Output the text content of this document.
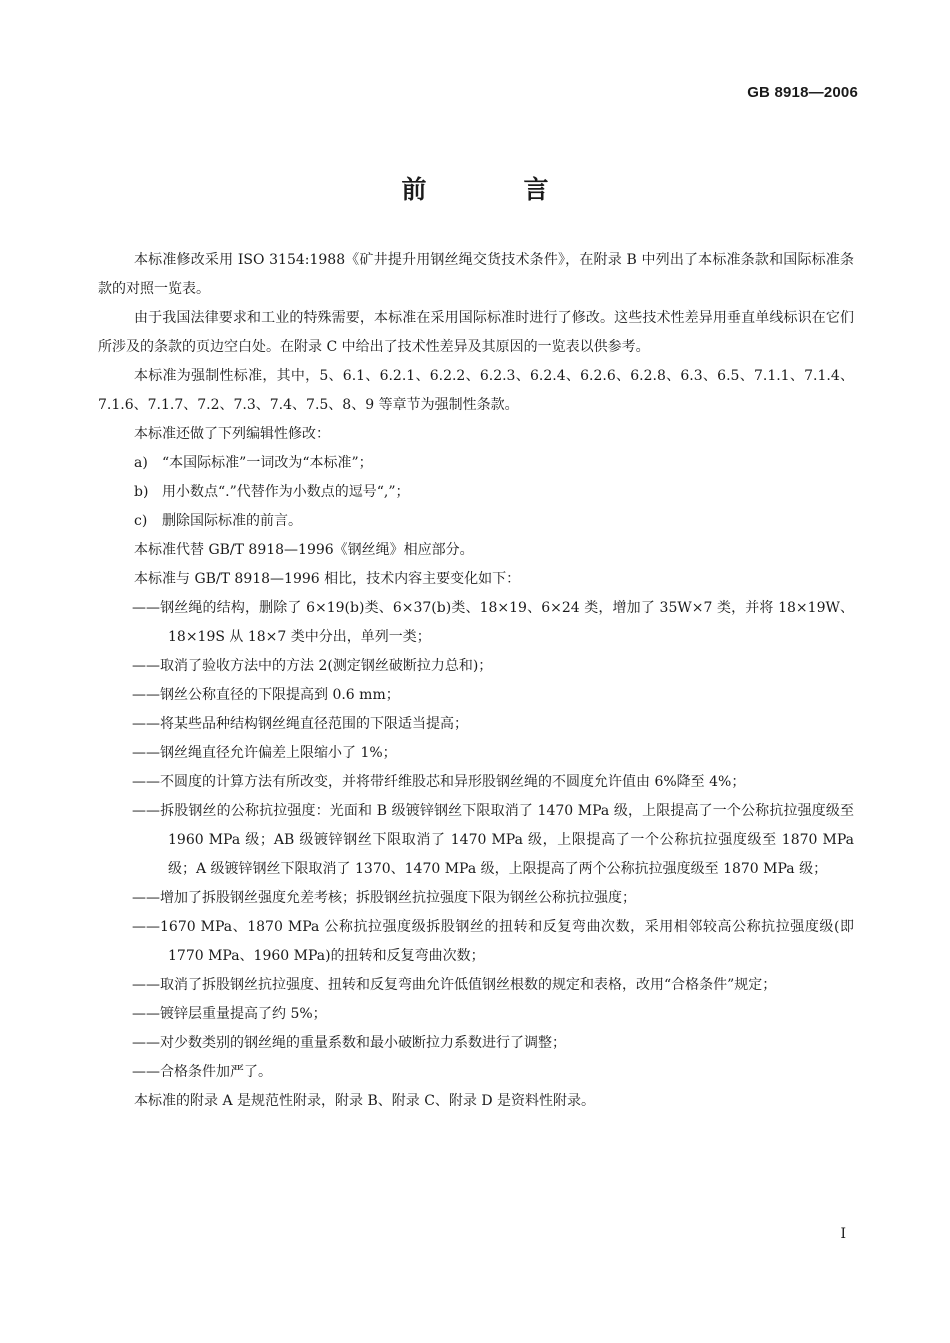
GB 8918—2006
前　言

本标准修改采用 ISO 3154:1988《矿井提升用钢丝绳交货技术条件》，在附录 B 中列出了本标准条款和国际标准条款的对照一览表。

由于我国法律要求和工业的特殊需要，本标准在采用国际标准时进行了修改。这些技术性差异用垂直单线标识在它们所涉及的条款的页边空白处。在附录 C 中给出了技术性差异及其原因的一览表以供参考。

本标准为强制性标准，其中，5、6.1、6.2.1、6.2.2、6.2.3、6.2.4、6.2.6、6.2.8、6.3、6.5、7.1.1、7.1.4、7.1.6、7.1.7、7.2、7.3、7.4、7.5、8、9 等章节为强制性条款。

本标准还做了下列编辑性修改：

a) “本国际标准”一词改为“本标准”；

b) 用小数点“.”代替作为小数点的逗号“,”；

c) 删除国际标准的前言。

本标准代替 GB/T 8918—1996《钢丝绳》相应部分。

本标准与 GB/T 8918—1996 相比，技术内容主要变化如下：

——钢丝绳的结构，删除了 6×19(b)类、6×37(b)类、18×19、6×24 类，增加了 35W×7 类，并将 18×19W、18×19S 从 18×7 类中分出，单列一类；

——取消了验收方法中的方法 2(测定钢丝破断拉力总和)；

——钢丝公称直径的下限提高到 0.6 mm；

——将某些品种结构钢丝绳直径范围的下限适当提高；

——钢丝绳直径允许偏差上限缩小了 1%；

——不圆度的计算方法有所改变，并将带纤维股芯和异形股钢丝绳的不圆度允许值由 6%降至 4%；

——拆股钢丝的公称抗拉强度：光面和 B 级镀锌钢丝下限取消了 1470 MPa 级，上限提高了一个公称抗拉强度级至 1960 MPa 级；AB 级镀锌钢丝下限取消了 1470 MPa 级，上限提高了一个公称抗拉强度级至 1870 MPa 级；A 级镀锌钢丝下限取消了 1370、1470 MPa 级，上限提高了两个公称抗拉强度级至 1870 MPa 级；

——增加了拆股钢丝强度允差考核；拆股钢丝抗拉强度下限为钢丝公称抗拉强度；

——1670 MPa、1870 MPa 公称抗拉强度级拆股钢丝的扭转和反复弯曲次数，采用相邻较高公称抗拉强度级(即 1770 MPa、1960 MPa)的扭转和反复弯曲次数；

——取消了拆股钢丝抗拉强度、扭转和反复弯曲允许低值钢丝根数的规定和表格，改用“合格条件”规定；

——镀锌层重量提高了约 5%；

——对少数类别的钢丝绳的重量系数和最小破断拉力系数进行了调整；

——合格条件加严了。

本标准的附录 A 是规范性附录，附录 B、附录 C、附录 D 是资料性附录。

I
